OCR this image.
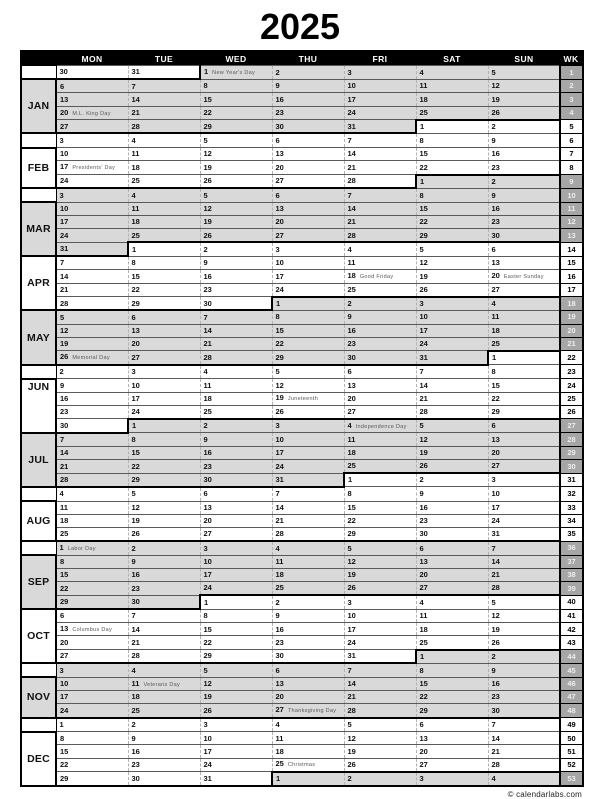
2025
	MON	TUE	WED	THU	FRI	SAT	SUN	WK
	30	31	1 New Year's Day	2	3	4	5	1
JAN	6	7	8	9	10	11	12	2
	13	14	15	16	17	18	19	3
	20 M.L. King Day	21	22	23	24	25	26	4
	27	28	29	30	31	1	2	5
	3	4	5	6	7	8	9	6
FEB	10	11	12	13	14	15	16	7
	17 Presidents' Day	18	19	20	21	22	23	8
	24	25	26	27	28	1	2	9
	3	4	5	6	7	8	9	10
MAR	10	11	12	13	14	15	16	11
	17	18	19	20	21	22	23	12
	24	25	26	27	28	29	30	13
	31	1	2	3	4	5	6	14
APR	7	8	9	10	11	12	13	15
	14	15	16	17	18 Good Friday	19	20 Easter Sunday	16
	21	22	23	24	25	26	27	17
	28	29	30	1	2	3	4	18
MAY	5	6	7	8	9	10	11	19
	12	13	14	15	16	17	18	20
	19	20	21	22	23	24	25	21
	26 Memorial Day	27	28	29	30	31	1	22
	2	3	4	5	6	7	8	23
JUN	9	10	11	12	13	14	15	24
	16	17	18	19 Juneteenth	20	21	22	25
	23	24	25	26	27	28	29	26
	30	1	2	3	4 Independence Day	5	6	27
JUL	7	8	9	10	11	12	13	28
	14	15	16	17	18	19	20	29
	21	22	23	24	25	26	27	30
	28	29	30	31	1	2	3	31
	4	5	6	7	8	9	10	32
AUG	11	12	13	14	15	16	17	33
	18	19	20	21	22	23	24	34
	25	26	27	28	29	30	31	35
	1 Labor Day	2	3	4	5	6	7	36
SEP	8	9	10	11	12	13	14	37
	15	16	17	18	19	20	21	38
	22	23	24	25	26	27	28	39
	29	30	1	2	3	4	5	40
OCT	6	7	8	9	10	11	12	41
	13 Columbus Day	14	15	16	17	18	19	42
	20	21	22	23	24	25	26	43
	27	28	29	30	31	1	2	44
	3	4	5	6	7	8	9	45
NOV	10	11 Veterans Day	12	13	14	15	16	46
	17	18	19	20	21	22	23	47
	24	25	26	27 Thanksgiving Day	28	29	30	48
	1	2	3	4	5	6	7	49
DEC	8	9	10	11	12	13	14	50
	15	16	17	18	19	20	21	51
	22	23	24	25 Christmas	26	27	28	52
	29	30	31	1	2	3	4	53
© calendarlabs.com
